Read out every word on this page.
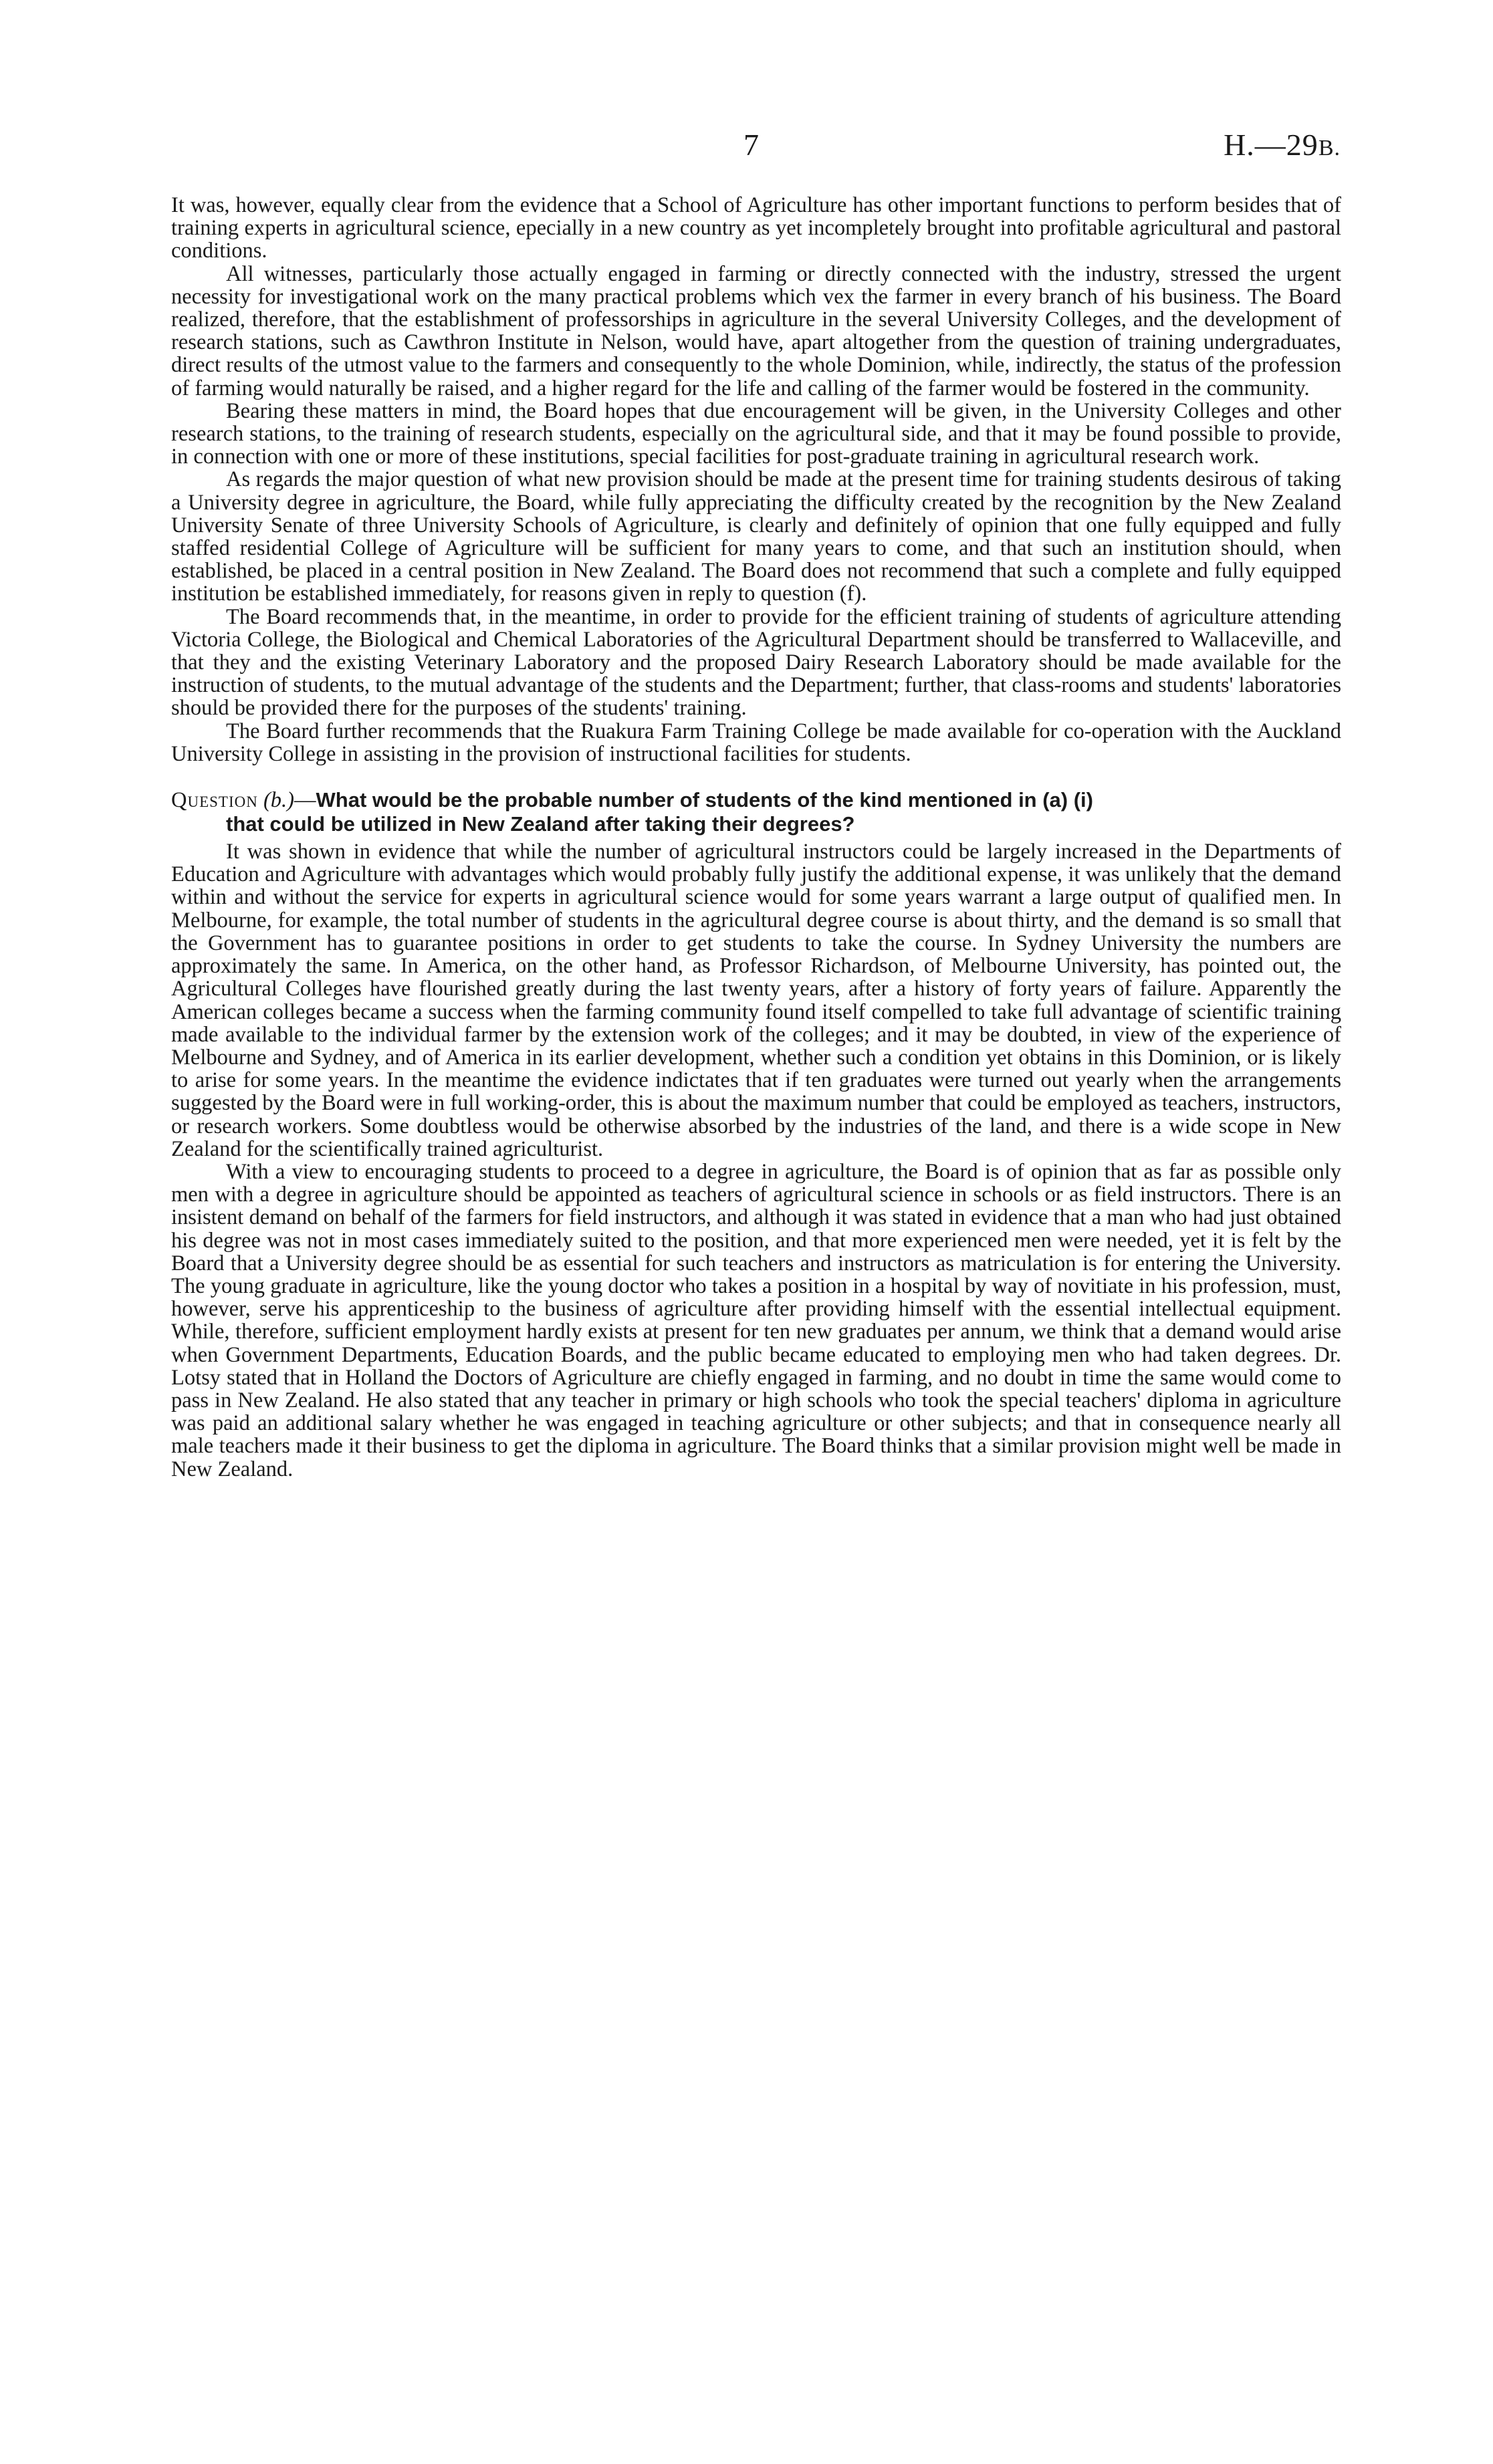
7	H.—29B.

It was, however, equally clear from the evidence that a School of Agriculture has other important functions to perform besides that of training experts in agricultural science, epecially in a new country as yet incompletely brought into profitable agricultural and pastoral conditions.

All witnesses, particularly those actually engaged in farming or directly connected with the industry, stressed the urgent necessity for investigational work on the many practical problems which vex the farmer in every branch of his business. The Board realized, therefore, that the establishment of professorships in agriculture in the several University Colleges, and the development of research stations, such as Cawthron Institute in Nelson, would have, apart altogether from the question of training undergraduates, direct results of the utmost value to the farmers and consequently to the whole Dominion, while, indirectly, the status of the profession of farming would naturally be raised, and a higher regard for the life and calling of the farmer would be fostered in the community.

Bearing these matters in mind, the Board hopes that due encouragement will be given, in the University Colleges and other research stations, to the training of research students, especially on the agricultural side, and that it may be found possible to provide, in connection with one or more of these institutions, special facilities for post-graduate training in agricultural research work.

As regards the major question of what new provision should be made at the present time for training students desirous of taking a University degree in agriculture, the Board, while fully appreciating the difficulty created by the recognition by the New Zealand University Senate of three University Schools of Agriculture, is clearly and definitely of opinion that one fully equipped and fully staffed residential College of Agriculture will be sufficient for many years to come, and that such an institution should, when established, be placed in a central position in New Zealand. The Board does not recommend that such a complete and fully equipped institution be established immediately, for reasons given in reply to question (f).

The Board recommends that, in the meantime, in order to provide for the efficient training of students of agriculture attending Victoria College, the Biological and Chemical Laboratories of the Agricultural Department should be transferred to Wallaceville, and that they and the existing Veterinary Laboratory and the proposed Dairy Research Laboratory should be made available for the instruction of students, to the mutual advantage of the students and the Department; further, that class-rooms and students' laboratories should be provided there for the purposes of the students' training.

The Board further recommends that the Ruakura Farm Training College be made available for co-operation with the Auckland University College in assisting in the provision of instructional facilities for students.

Question (b.)—What would be the probable number of students of the kind mentioned in (a) (i)
that could be utilized in New Zealand after taking their degrees?

It was shown in evidence that while the number of agricultural instructors could be largely increased in the Departments of Education and Agriculture with advantages which would probably fully justify the additional expense, it was unlikely that the demand within and without the service for experts in agricultural science would for some years warrant a large output of qualified men. In Melbourne, for example, the total number of students in the agricultural degree course is about thirty, and the demand is so small that the Government has to guarantee positions in order to get students to take the course. In Sydney University the numbers are approximately the same. In America, on the other hand, as Professor Richardson, of Melbourne University, has pointed out, the Agricultural Colleges have flourished greatly during the last twenty years, after a history of forty years of failure. Apparently the American colleges became a success when the farming community found itself compelled to take full advantage of scientific training made available to the individual farmer by the extension work of the colleges; and it may be doubted, in view of the experience of Melbourne and Sydney, and of America in its earlier development, whether such a condition yet obtains in this Dominion, or is likely to arise for some years. In the meantime the evidence indictates that if ten graduates were turned out yearly when the arrangements suggested by the Board were in full working-order, this is about the maximum number that could be employed as teachers, instructors, or research workers. Some doubtless would be otherwise absorbed by the industries of the land, and there is a wide scope in New Zealand for the scientifically trained agriculturist.

With a view to encouraging students to proceed to a degree in agriculture, the Board is of opinion that as far as possible only men with a degree in agriculture should be appointed as teachers of agricultural science in schools or as field instructors. There is an insistent demand on behalf of the farmers for field instructors, and although it was stated in evidence that a man who had just obtained his degree was not in most cases immediately suited to the position, and that more experienced men were needed, yet it is felt by the Board that a University degree should be as essential for such teachers and instructors as matriculation is for entering the University. The young graduate in agriculture, like the young doctor who takes a position in a hospital by way of novitiate in his profession, must, however, serve his apprenticeship to the business of agriculture after providing himself with the essential intellectual equipment. While, therefore, sufficient employment hardly exists at present for ten new graduates per annum, we think that a demand would arise when Government Departments, Education Boards, and the public became educated to employing men who had taken degrees. Dr. Lotsy stated that in Holland the Doctors of Agriculture are chiefly engaged in farming, and no doubt in time the same would come to pass in New Zealand. He also stated that any teacher in primary or high schools who took the special teachers' diploma in agriculture was paid an additional salary whether he was engaged in teaching agriculture or other subjects; and that in consequence nearly all male teachers made it their business to get the diploma in agriculture. The Board thinks that a similar provision might well be made in New Zealand.
